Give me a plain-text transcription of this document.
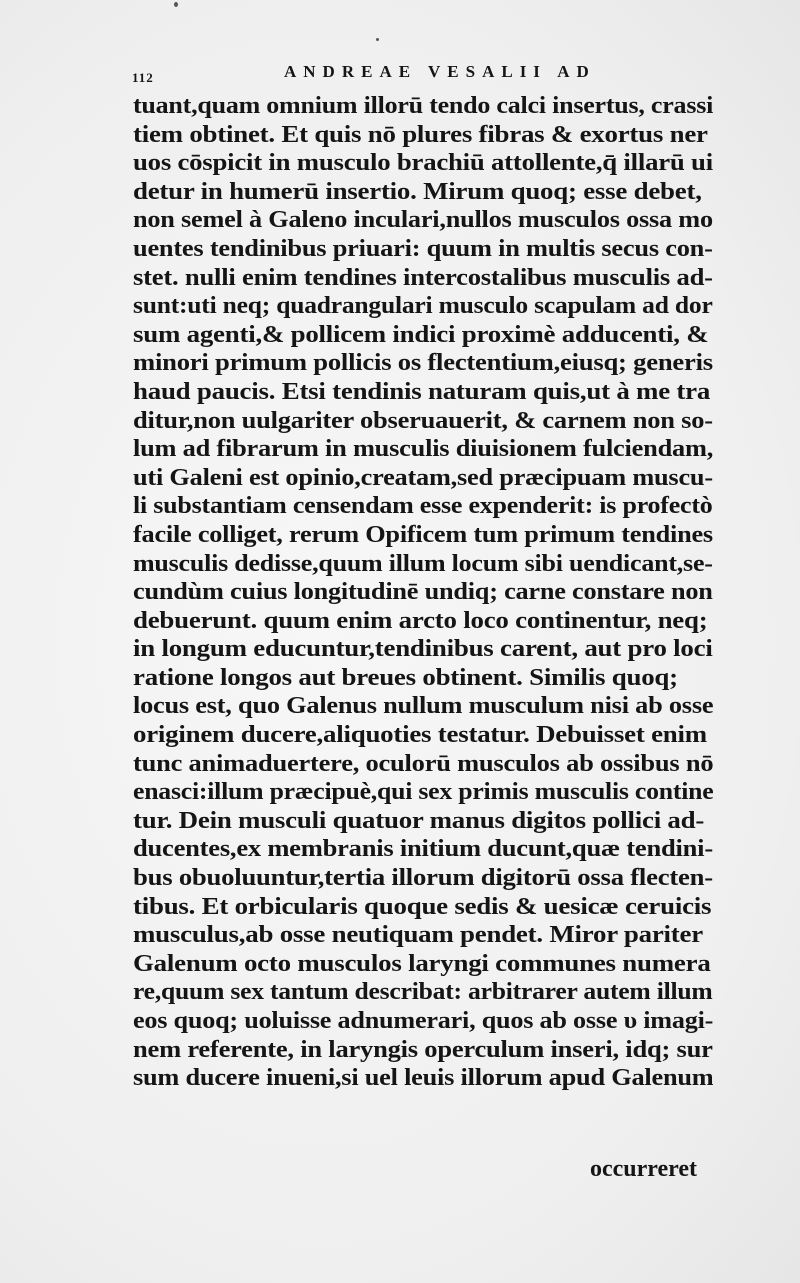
112	ANDREAE VESALII AD
tuant,quam omnium illorū tendo calci insertus, crassi
tiem obtinet. Et quis nō plures fibras & exortus ner
uos cōspicit in musculo brachiū attollente,q̄ illarū ui
detur in humerū insertio. Mirum quoq; esse debet,
non semel à Galeno inculari,nullos musculos ossa mo
uentes tendinibus priuari: quum in multis secus con-
stet. nulli enim tendines intercostalibus musculis ad-
sunt:uti neq; quadrangulari musculo scapulam ad dor
sum agenti,& pollicem indici proximè adducenti, &
minori primum pollicis os flectentium,eiusq; generis
haud paucis. Etsi tendinis naturam quis,ut à me tra
ditur,non uulgariter obseruauerit, & carnem non so-
lum ad fibrarum in musculis diuisionem fulciendam,
uti Galeni est opinio,creatam,sed præcipuam muscu-
li substantiam censendam esse expenderit: is profectò
facile colliget, rerum Opificem tum primum tendines
musculis dedisse,quum illum locum sibi uendicant,se-
cundùm cuius longitudinē undiq; carne constare non
debuerunt. quum enim arcto loco continentur, neq;
in longum educuntur,tendinibus carent, aut pro loci
ratione longos aut breues obtinent. Similis quoq;
locus est, quo Galenus nullum musculum nisi ab osse
originem ducere,aliquoties testatur. Debuisset enim
tunc animaduertere, oculorū musculos ab ossibus nō
enasci:illum præcipuè,qui sex primis musculis contine
tur. Dein musculi quatuor manus digitos pollici ad-
ducentes,ex membranis initium ducunt,quæ tendini-
bus obuoluuntur,tertia illorum digitorū ossa flecten-
tibus. Et orbicularis quoque sedis & uesicæ ceruicis
musculus,ab osse neutiquam pendet. Miror pariter
Galenum octo musculos laryngi communes numera
re,quum sex tantum describat: arbitrarer autem illum
eos quoq; uoluisse adnumerari, quos ab osse υ imagi-
nem referente, in laryngis operculum inseri, idq; sur
sum ducere inueni,si uel leuis illorum apud Galenum
occurreret
